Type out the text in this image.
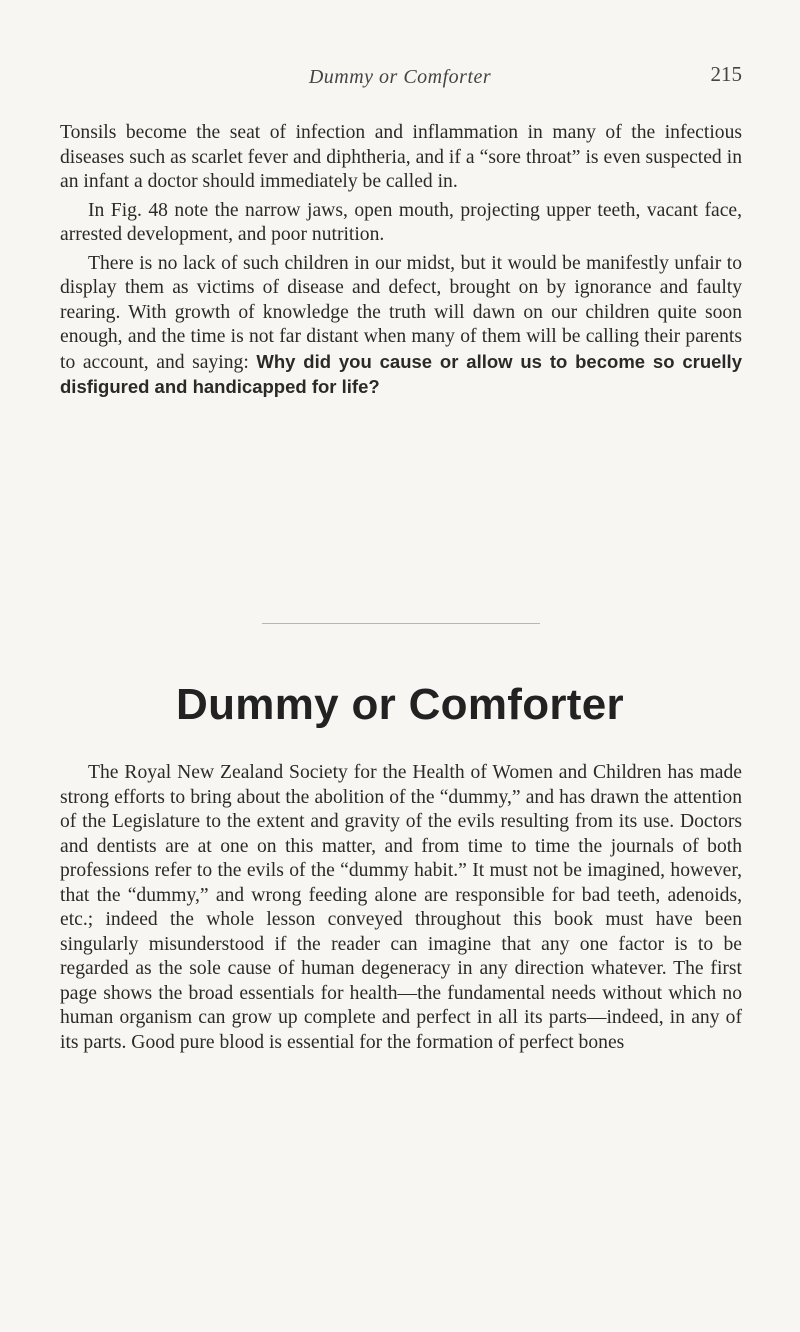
Dummy or Comforter	215

Tonsils become the seat of infection and inflammation in many of the infectious diseases such as scarlet fever and diphtheria, and if a “sore throat” is even suspected in an infant a doctor should immediately be called in.

In Fig. 48 note the narrow jaws, open mouth, projecting upper teeth, vacant face, arrested development, and poor nutrition.

There is no lack of such children in our midst, but it would be manifestly unfair to display them as victims of disease and defect, brought on by ignorance and faulty rearing. With growth of knowledge the truth will dawn on our children quite soon enough, and the time is not far distant when many of them will be calling their parents to account, and saying: Why did you cause or allow us to become so cruelly disfigured and handicapped for life?

Dummy or Comforter

The Royal New Zealand Society for the Health of Women and Children has made strong efforts to bring about the abolition of the “dummy,” and has drawn the attention of the Legislature to the extent and gravity of the evils resulting from its use. Doctors and dentists are at one on this matter, and from time to time the journals of both professions refer to the evils of the “dummy habit.” It must not be imagined, however, that the “dummy,” and wrong feeding alone are responsible for bad teeth, adenoids, etc.; indeed the whole lesson conveyed throughout this book must have been singularly misunderstood if the reader can imagine that any one factor is to be regarded as the sole cause of human degeneracy in any direction whatever. The first page shows the broad essentials for health—the fundamental needs without which no human organism can grow up complete and perfect in all its parts—indeed, in any of its parts. Good pure blood is essential for the formation of perfect bones
